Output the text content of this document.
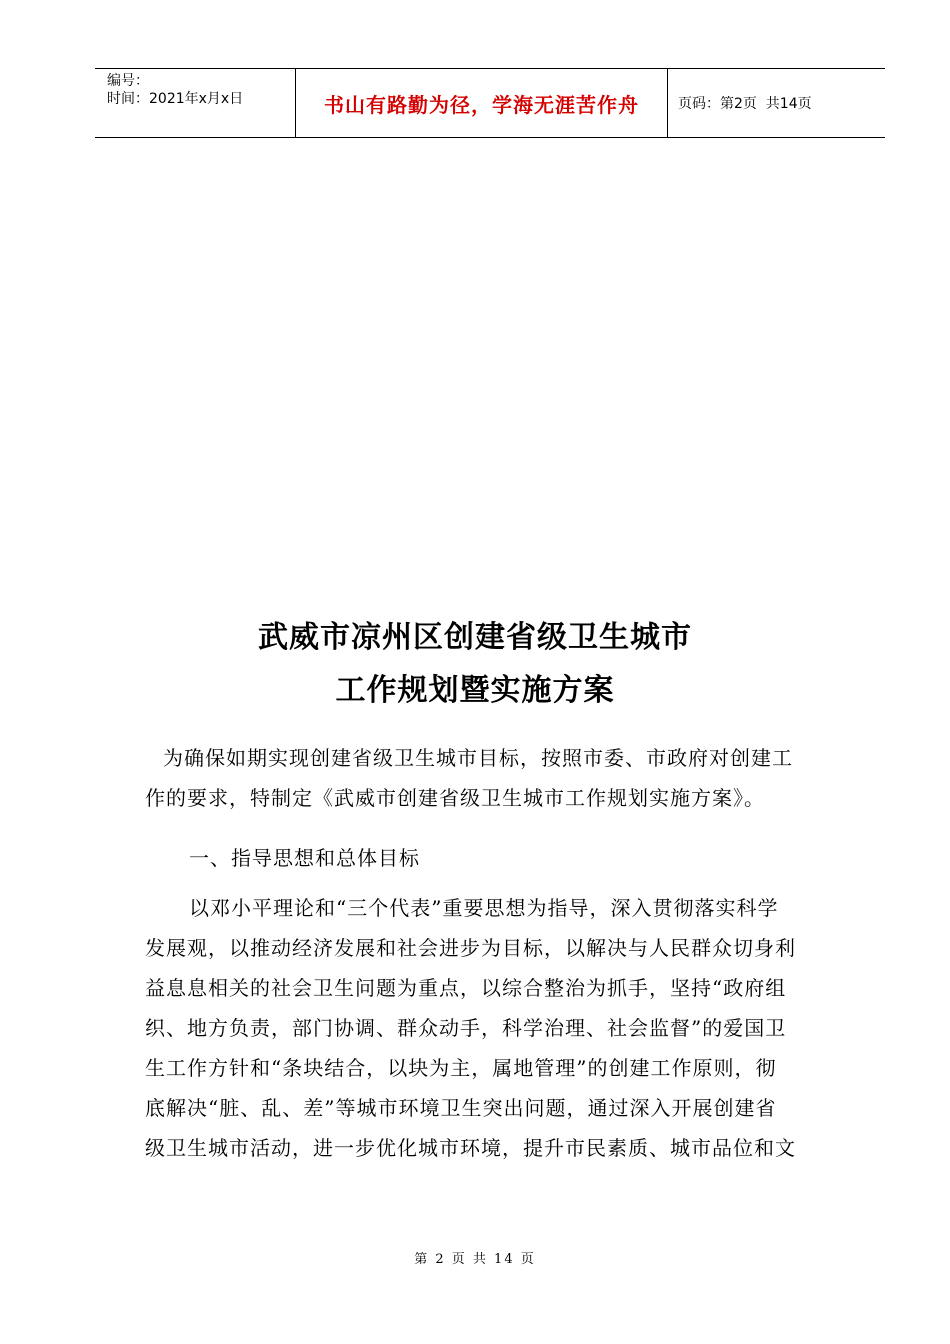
编号：
时间：2021年x月x日	书山有路勤为径，学海无涯苦作舟	页码：第2页  共14页
武威市凉州区创建省级卫生城市
工作规划暨实施方案
为确保如期实现创建省级卫生城市目标，按照市委、市政府对创建工
作的要求，特制定《武威市创建省级卫生城市工作规划实施方案》。
一、指导思想和总体目标
以邓小平理论和“三个代表”重要思想为指导，深入贯彻落实科学
发展观，以推动经济发展和社会进步为目标，以解决与人民群众切身利
益息息相关的社会卫生问题为重点，以综合整治为抓手，坚持“政府组
织、地方负责，部门协调、群众动手，科学治理、社会监督”的爱国卫
生工作方针和“条块结合，以块为主，属地管理”的创建工作原则，彻
底解决“脏、乱、差”等城市环境卫生突出问题，通过深入开展创建省
级卫生城市活动，进一步优化城市环境，提升市民素质、城市品位和文
第 2 页 共 14 页
